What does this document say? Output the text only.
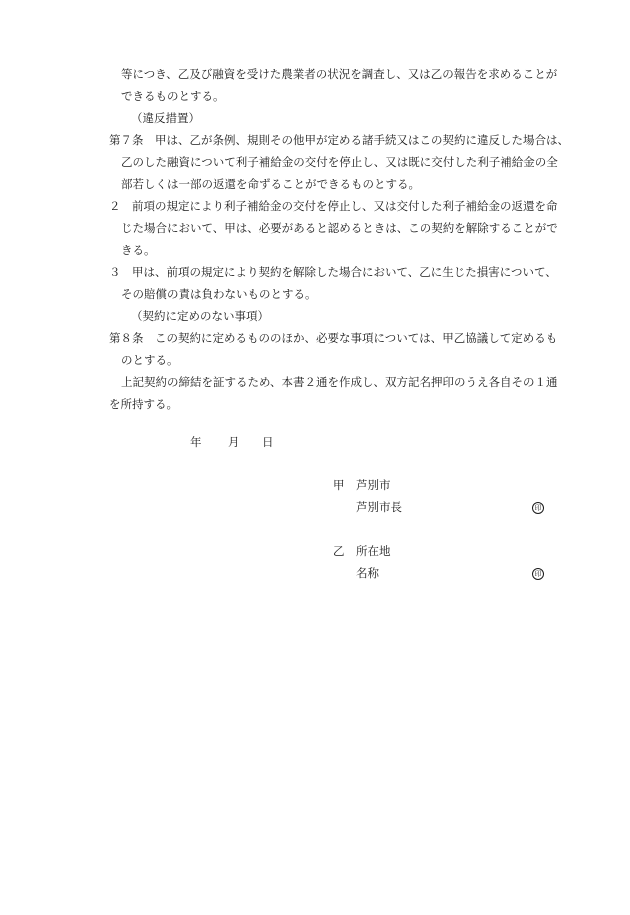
等につき、乙及び融資を受けた農業者の状況を調査し、又は乙の報告を求めることが
できるものとする。
（違反措置）
第７条　甲は、乙が条例、規則その他甲が定める諸手続又はこの契約に違反した場合は、
乙のした融資について利子補給金の交付を停止し、又は既に交付した利子補給金の全
部若しくは一部の返還を命ずることができるものとする。
２　前項の規定により利子補給金の交付を停止し、又は交付した利子補給金の返還を命
じた場合において、甲は、必要があると認めるときは、この契約を解除することがで
きる。
３　甲は、前項の規定により契約を解除した場合において、乙に生じた損害について、
その賠償の責は負わないものとする。
（契約に定めのない事項）
第８条　この契約に定めるもののほか、必要な事項については、甲乙協議して定めるも
のとする。
上記契約の締結を証するため、本書２通を作成し、双方記名押印のうえ各自その１通
を所持する。
年 月 日
甲 芦別市
芦別市長	印
乙 所在地
名称	印
